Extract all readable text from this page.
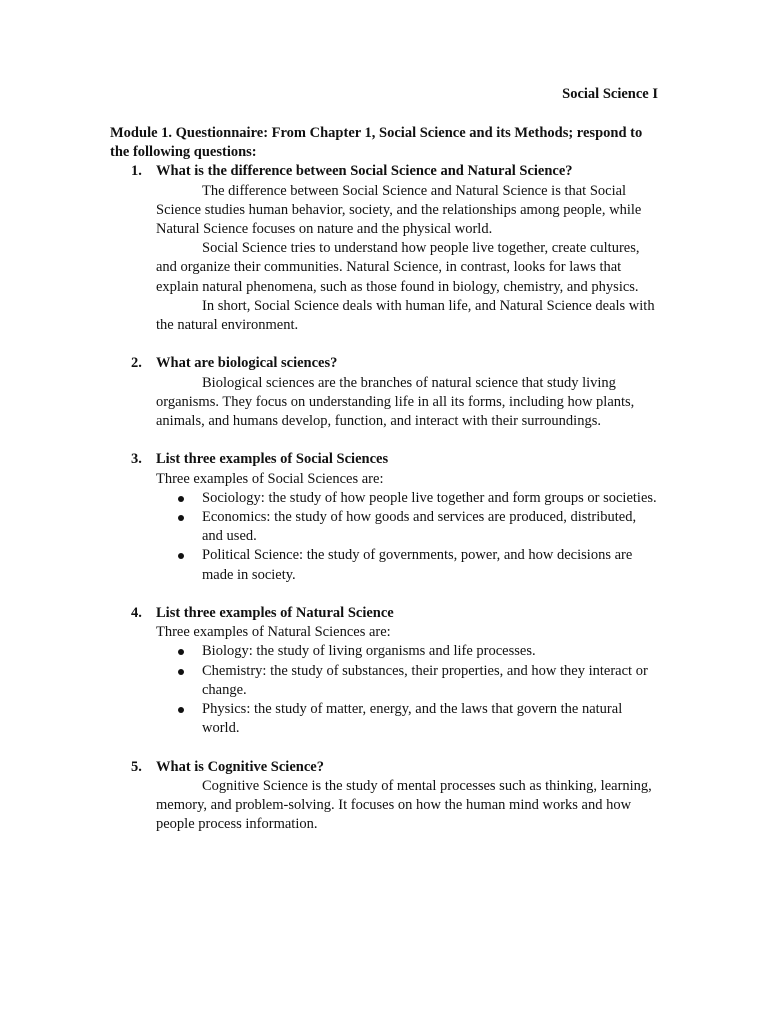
Social Science I

Module 1. Questionnaire: From Chapter 1, Social Science and its Methods; respond to the following questions:

1. What is the difference between Social Science and Natural Science?

The difference between Social Science and Natural Science is that Social Science studies human behavior, society, and the relationships among people, while Natural Science focuses on nature and the physical world.

Social Science tries to understand how people live together, create cultures, and organize their communities. Natural Science, in contrast, looks for laws that explain natural phenomena, such as those found in biology, chemistry, and physics.

In short, Social Science deals with human life, and Natural Science deals with the natural environment.

2. What are biological sciences?

Biological sciences are the branches of natural science that study living organisms. They focus on understanding life in all its forms, including how plants, animals, and humans develop, function, and interact with their surroundings.

3. List three examples of Social Sciences

Three examples of Social Sciences are:

Sociology: the study of how people live together and form groups or societies.
Economics: the study of how goods and services are produced, distributed, and used.
Political Science: the study of governments, power, and how decisions are made in society.
4. List three examples of Natural Science

Three examples of Natural Sciences are:

Biology: the study of living organisms and life processes.
Chemistry: the study of substances, their properties, and how they interact or change.
Physics: the study of matter, energy, and the laws that govern the natural world.
5. What is Cognitive Science?

Cognitive Science is the study of mental processes such as thinking, learning, memory, and problem-solving. It focuses on how the human mind works and how people process information.
